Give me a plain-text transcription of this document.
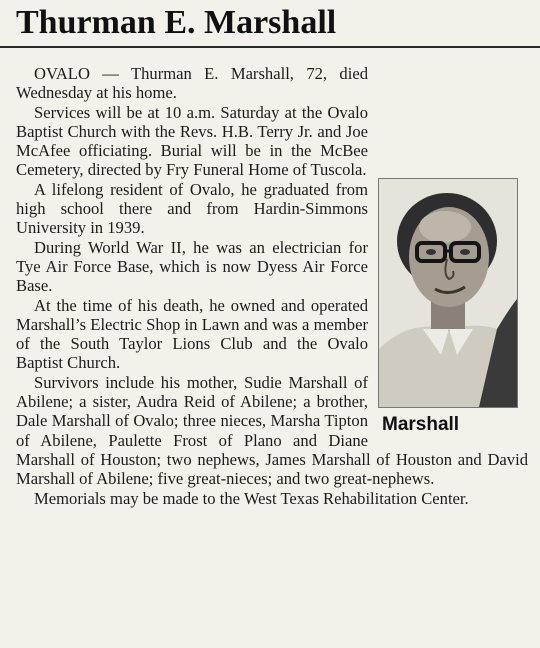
Thurman E. Marshall

OVALO — Thurman E. Marshall, 72, died Wednesday at his home.

Services will be at 10 a.m. Saturday at the Ovalo Baptist Church with the Revs. H.B. Terry Jr. and Joe McAfee officiating. Burial will be in the McBee Cemetery, directed by Fry Funeral Home of Tuscola.

A lifelong resident of Ovalo, he graduated from high school there and from Hardin-Simmons University in 1939.

During World War II, he was an electrician for Tye Air Force Base, which is now Dyess Air Force Base.

At the time of his death, he owned and operated Marshall’s Electric Shop in Lawn and was a member of the South Taylor Lions Club and the Ovalo Baptist Church.

Survivors include his mother, Sudie Marshall of Abilene; a sister, Audra Reid of Abilene; a brother, Dale Marshall of Ovalo; three nieces, Marsha Tipton of Abilene, Paulette Frost of Plano and Diane Marshall of Houston; two nephews, James Marshall of Houston and David Marshall of Abilene; five great-nieces; and two great-nephews.

Memorials may be made to the West Texas Rehabilitation Center.

Marshall
